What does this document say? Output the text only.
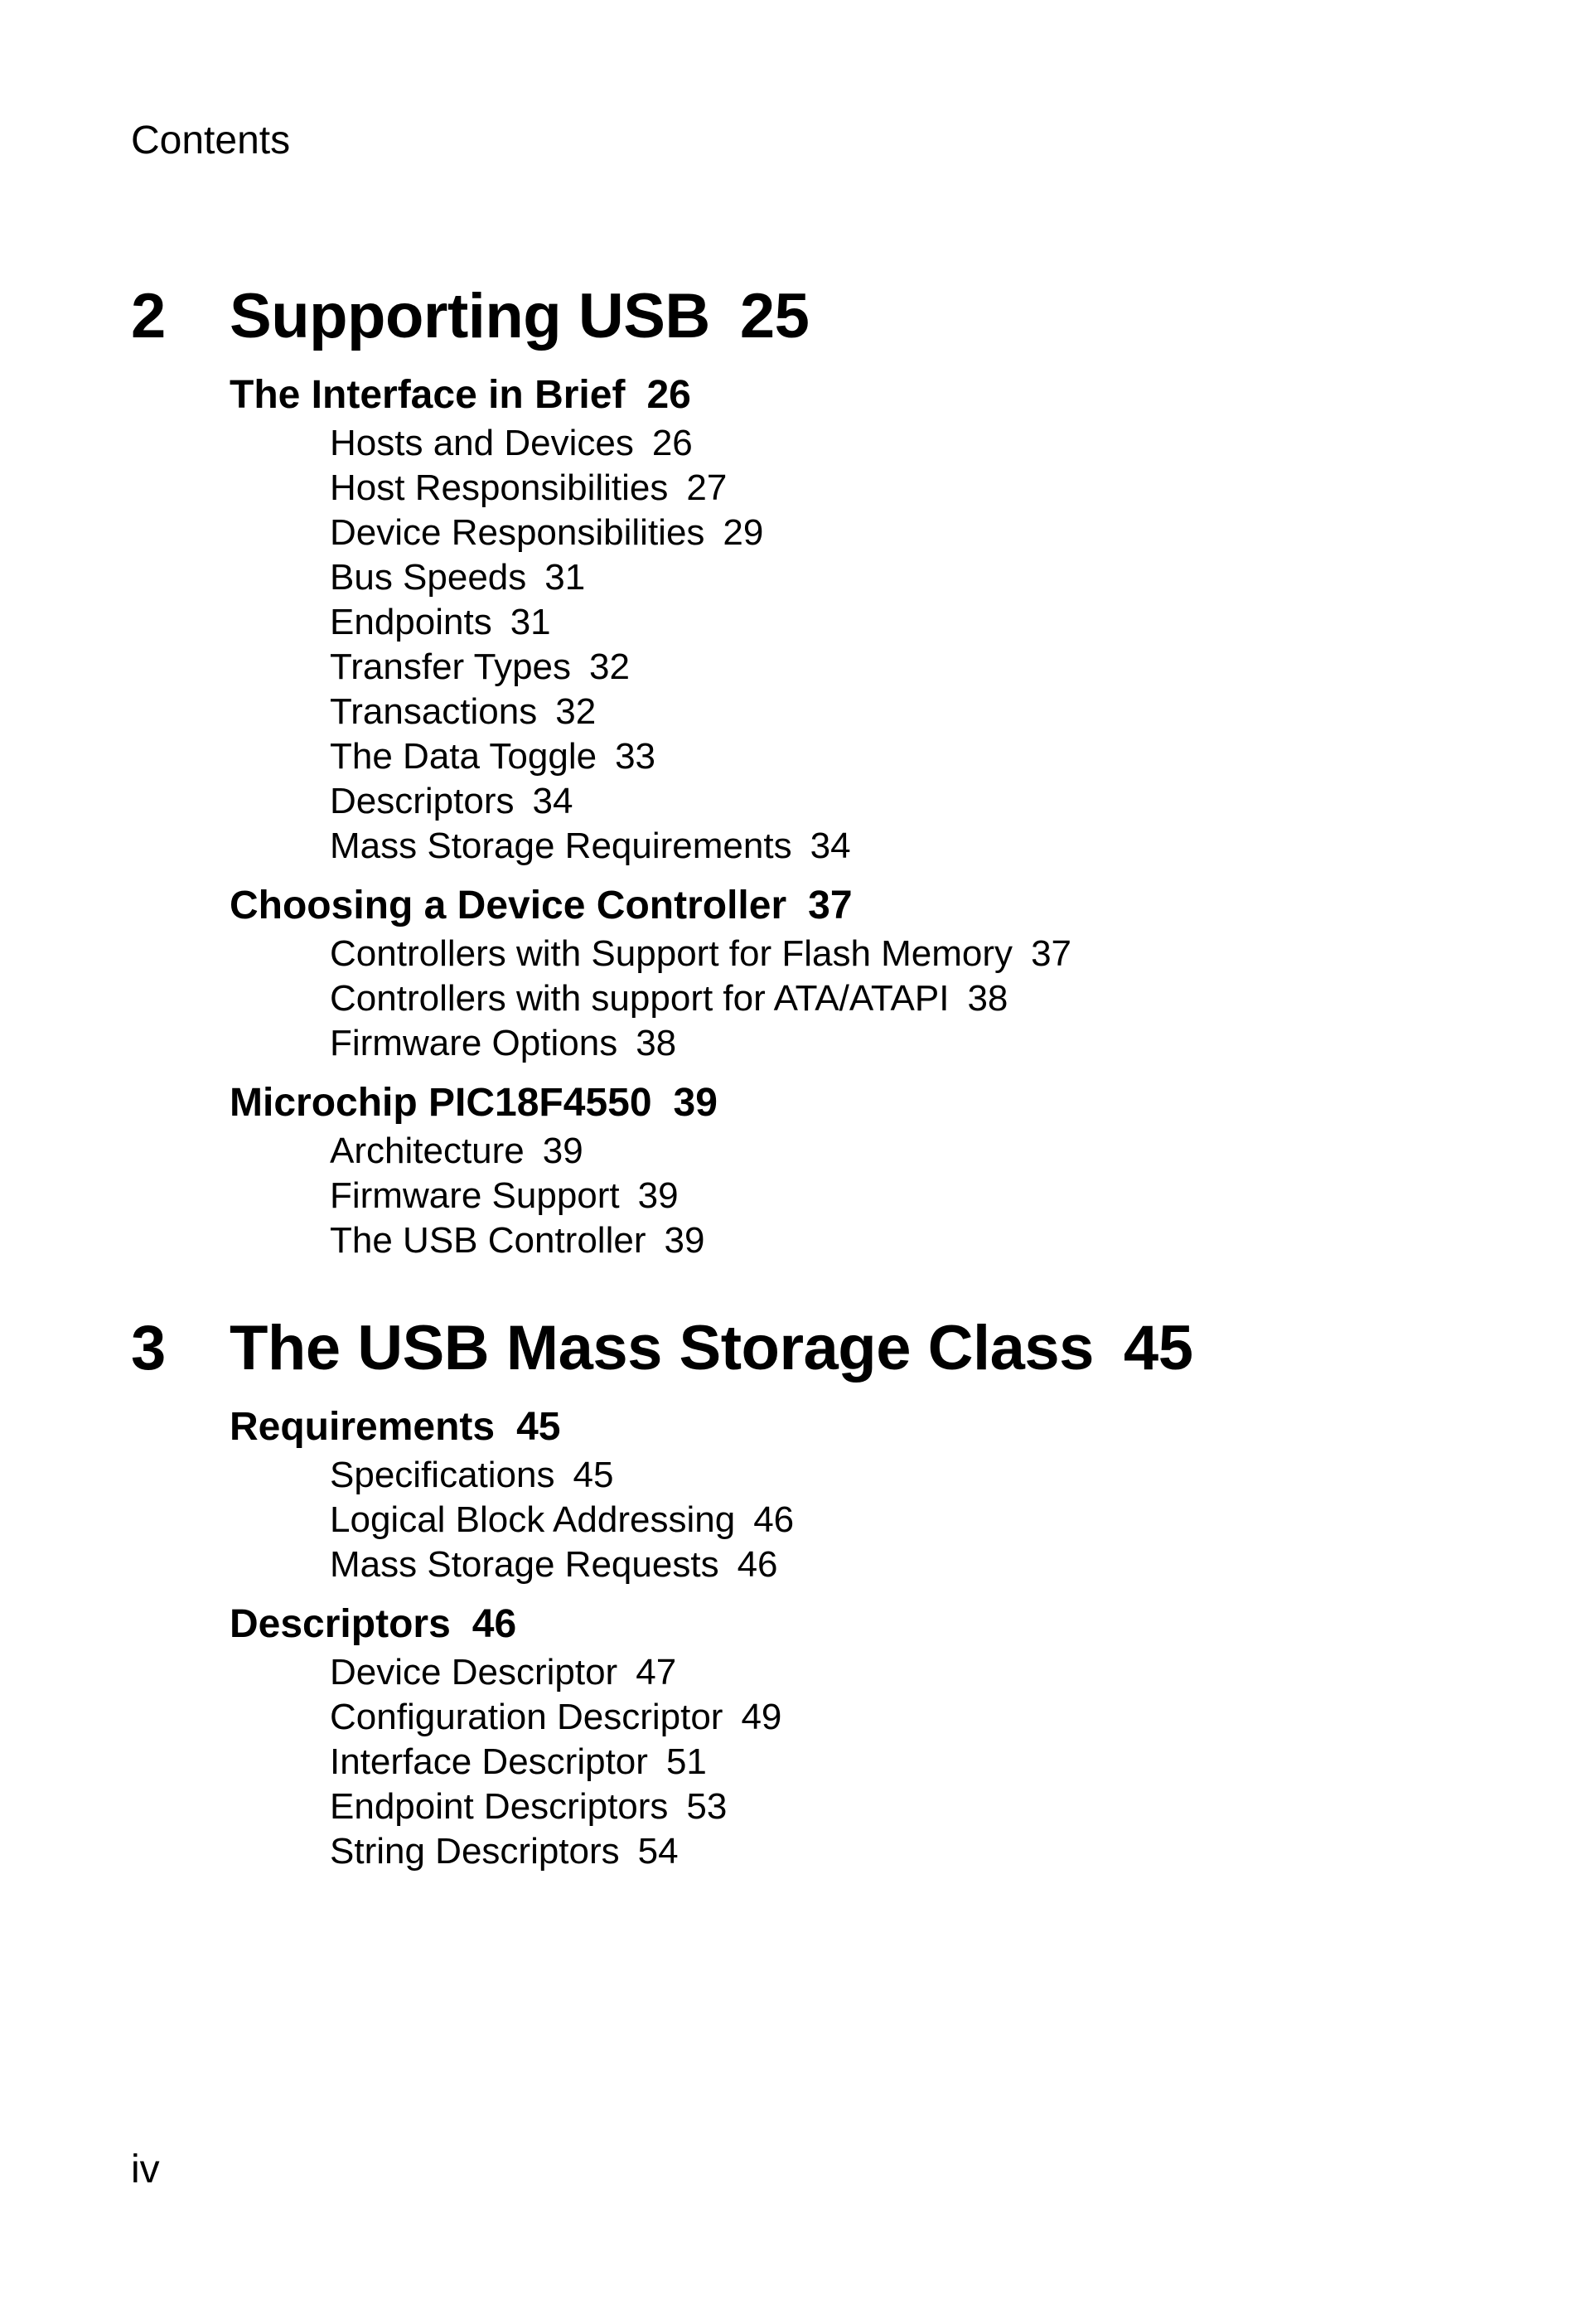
Contents
2 Supporting USB 25
The Interface in Brief 26
Hosts and Devices 26
Host Responsibilities 27
Device Responsibilities 29
Bus Speeds 31
Endpoints 31
Transfer Types 32
Transactions 32
The Data Toggle 33
Descriptors 34
Mass Storage Requirements 34
Choosing a Device Controller 37
Controllers with Support for Flash Memory 37
Controllers with support for ATA/ATAPI 38
Firmware Options 38
Microchip PIC18F4550 39
Architecture 39
Firmware Support 39
The USB Controller 39
3 The USB Mass Storage Class 45
Requirements 45
Specifications 45
Logical Block Addressing 46
Mass Storage Requests 46
Descriptors 46
Device Descriptor 47
Configuration Descriptor 49
Interface Descriptor 51
Endpoint Descriptors 53
String Descriptors 54
iv
